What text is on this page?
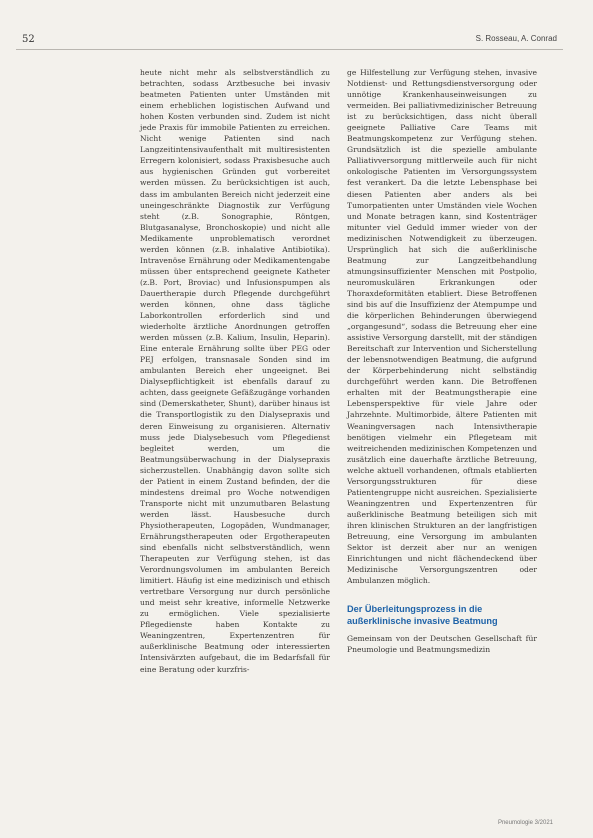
52	S. Rosseau, A. Conrad

heute nicht mehr als selbstverständlich zu betrachten, sodass Arztbesuche bei invasiv beatmeten Patienten unter Umständen mit einem erheblichen logistischen Aufwand und hohen Kosten verbunden sind. Zudem ist nicht jede Praxis für immobile Patienten zu erreichen. Nicht wenige Patienten sind nach Langzeitintensivaufenthalt mit multiresistenten Erregern kolonisiert, sodass Praxisbesuche auch aus hygienischen Gründen gut vorbereitet werden müssen. Zu berücksichtigen ist auch, dass im ambulanten Bereich nicht jederzeit eine uneingeschränkte Diagnostik zur Verfügung steht (z.B. Sonographie, Röntgen, Blutgasanalyse, Bronchoskopie) und nicht alle Medikamente unproblematisch verordnet werden können (z.B. inhalative Antibiotika). Intravenöse Ernährung oder Medikamentengabe müssen über entsprechend geeignete Katheter (z.B. Port, Broviac) und Infusionspumpen als Dauertherapie durch Pflegende durchgeführt werden können, ohne dass tägliche Laborkontrollen erforderlich sind und wiederholte ärztliche Anordnungen getroffen werden müssen (z.B. Kalium, Insulin, Heparin). Eine enterale Ernährung sollte über PEG oder PEJ erfolgen, transnasale Sonden sind im ambulanten Bereich eher ungeeignet. Bei Dialysepflichtigkeit ist ebenfalls darauf zu achten, dass geeignete Gefäßzugänge vorhanden sind (Demerskatheter, Shunt), darüber hinaus ist die Transportlogistik zu den Dialysepraxis und deren Einweisung zu organisieren. Alternativ muss jede Dialysebesuch vom Pflegedienst begleitet werden, um die Beatmungsüberwachung in der Dialysepraxis sicherzustellen. Unabhängig davon sollte sich der Patient in einem Zustand befinden, der die mindestens dreimal pro Woche notwendigen Transporte nicht mit unzumutbaren Belastung werden lässt. Hausbesuche durch Physiotherapeuten, Logopäden, Wundmanager, Ernährungstherapeuten oder Ergotherapeuten sind ebenfalls nicht selbstverständlich, wenn Therapeuten zur Verfügung stehen, ist das Verordnungsvolumen im ambulanten Bereich limitiert. Häufig ist eine medizinisch und ethisch vertretbare Versorgung nur durch persönliche und meist sehr kreative, informelle Netzwerke zu ermöglichen. Viele spezialisierte Pflegedienste haben Kontakte zu Weaningzentren, Expertenzentren für außerklinische Beatmung oder interessierten Intensivärzten aufgebaut, die im Bedarfsfall für eine Beratung oder kurzfris-

ge Hilfestellung zur Verfügung stehen, invasive Notdienst- und Rettungsdienstversorgung oder unnötige Krankenhauseinweisungen zu vermeiden. Bei palliativmedizinischer Betreuung ist zu berücksichtigen, dass nicht überall geeignete Palliative Care Teams mit Beatmungskompetenz zur Verfügung stehen. Grundsätzlich ist die spezielle ambulante Palliativversorgung mittlerweile auch für nicht onkologische Patienten im Versorgungssystem fest verankert. Da die letzte Lebensphase bei diesen Patienten aber anders als bei Tumorpatienten unter Umständen viele Wochen und Monate betragen kann, sind Kostenträger mitunter viel Geduld immer wieder von der medizinischen Notwendigkeit zu überzeugen. Ursprünglich hat sich die außerklinische Beatmung zur Langzeitbehandlung atmungsinsuffizienter Menschen mit Postpolio, neuromuskulären Erkrankungen oder Thoraxdeformitäten etabliert. Diese Betroffenen sind bis auf die Insuffizienz der Atempumpe und die körperlichen Behinderungen überwiegend „organgesund“, sodass die Betreuung eher eine assistive Versorgung darstellt, mit der ständigen Bereitschaft zur Intervention und Sicherstellung der lebensnotwendigen Beatmung, die aufgrund der Körperbehinderung nicht selbständig durchgeführt werden kann. Die Betroffenen erhalten mit der Beatmungstherapie eine Lebensperspektive für viele Jahre oder Jahrzehnte. Multimorbide, ältere Patienten mit Weaningversagen nach Intensivtherapie benötigen vielmehr ein Pflegeteam mit weitreichenden medizinischen Kompetenzen und zusätzlich eine dauerhafte ärztliche Betreuung, welche aktuell vorhandenen, oftmals etablierten Versorgungsstrukturen für diese Patientengruppe nicht ausreichen. Spezialisierte Weaningzentren und Expertenzentren für außerklinische Beatmung beteiligen sich mit ihren klinischen Strukturen an der langfristigen Betreuung, eine Versorgung im ambulanten Sektor ist derzeit aber nur an wenigen Einrichtungen und nicht flächendeckend über Medizinische Versorgungszentren oder Ambulanzen möglich.

Der Überleitungsprozess in die außerklinische invasive Beatmung

Gemeinsam von der Deutschen Gesellschaft für Pneumologie und Beatmungsmedizin

Pneumologie 3/2021
